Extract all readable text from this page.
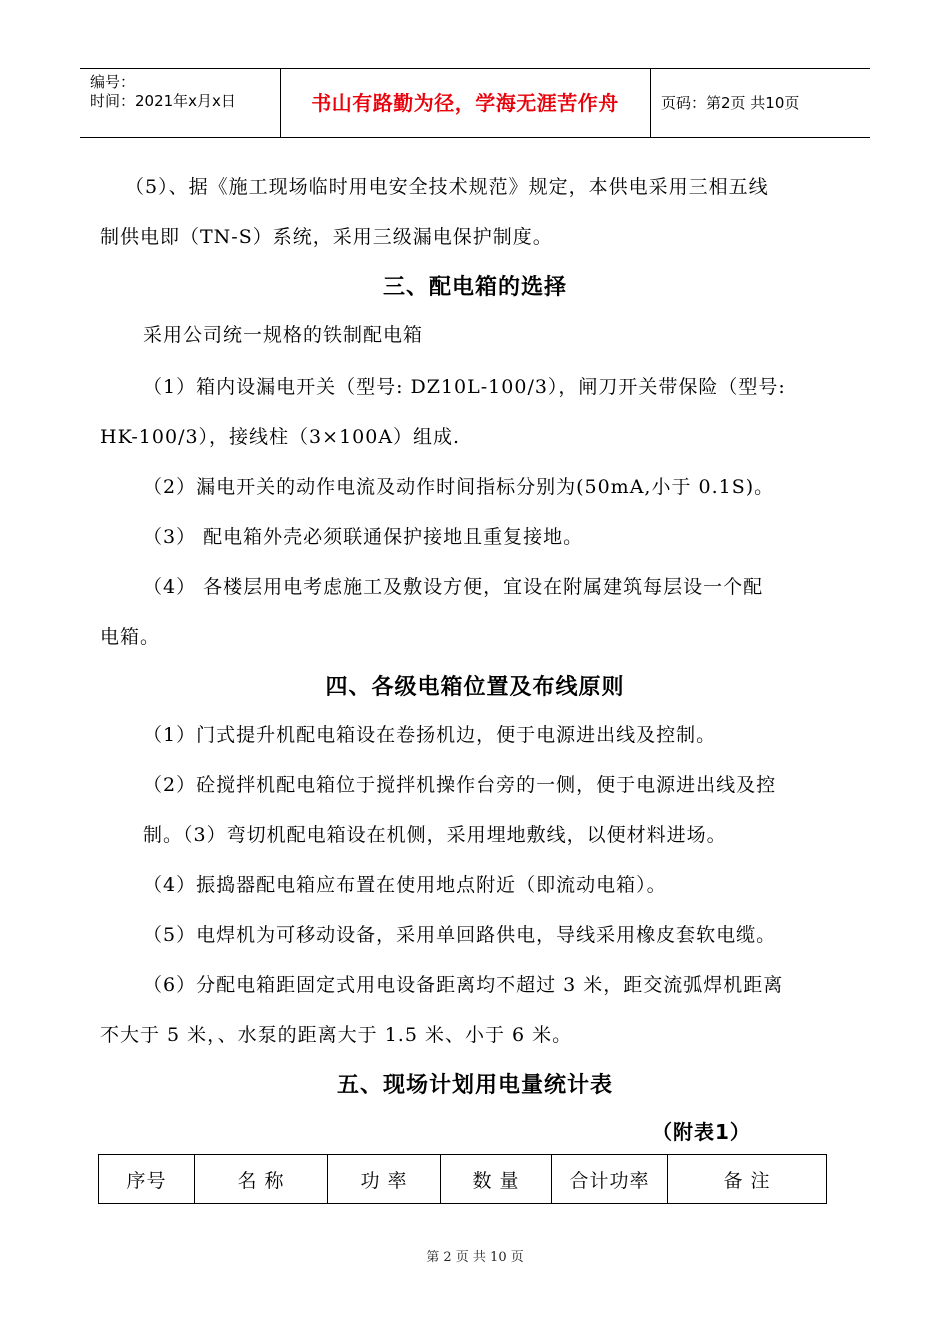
编号：
时间：2021年x月x日	书山有路勤为径，学海无涯苦作舟	页码：第2页 共10页
（5）、据《施工现场临时用电安全技术规范》规定，本供电采用三相五线
制供电即（TN-S）系统，采用三级漏电保护制度。
三、配电箱的选择
采用公司统一规格的铁制配电箱
（1）箱内设漏电开关（型号: DZ10L-100/3），闸刀开关带保险（型号:
HK-100/3），接线柱（3×100A）组成.
（2）漏电开关的动作电流及动作时间指标分别为(50mA,小于 0.1S)。
（3） 配电箱外壳必须联通保护接地且重复接地。
（4） 各楼层用电考虑施工及敷设方便，宜设在附属建筑每层设一个配
电箱。
四、各级电箱位置及布线原则
（1）门式提升机配电箱设在卷扬机边，便于电源进出线及控制。
（2）砼搅拌机配电箱位于搅拌机操作台旁的一侧，便于电源进出线及控
制。（3）弯切机配电箱设在机侧，采用埋地敷线，以便材料进场。
（4）振捣器配电箱应布置在使用地点附近（即流动电箱）。
（5）电焊机为可移动设备，采用单回路供电，导线采用橡皮套软电缆。
（6）分配电箱距固定式用电设备距离均不超过 3 米，距交流弧焊机距离
不大于 5 米，、水泵的距离大于 1.5 米、小于 6 米。
五、现场计划用电量统计表
（附表1）
序号	名 称	功 率	数 量	合计功率	备 注
第 2 页 共 10 页
